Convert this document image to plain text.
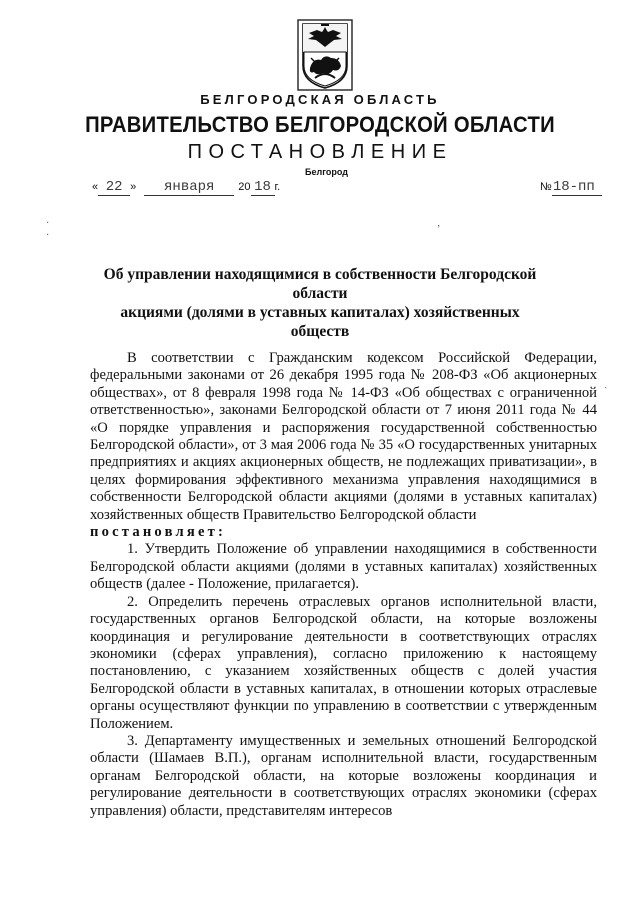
БЕЛГОРОДСКАЯ ОБЛАСТЬ
ПРАВИТЕЛЬСТВО БЕЛГОРОДСКОЙ ОБЛАСТИ
ПОСТАНОВЛЕНИЕ
Белгород
« 22 »	января	20 18 г.	№ 18-пп
·
·
ʼ
ˎ
Об управлении находящимися в собственности Белгородской области
акциями (долями в уставных капиталах) хозяйственных обществ

В соответствии с Гражданским кодексом Российской Федерации, федеральными законами от 26 декабря 1995 года № 208-ФЗ «Об акционерных обществах», от 8 февраля 1998 года № 14-ФЗ «Об обществах с ограниченной ответственностью», законами Белгородской области от 7 июня 2011 года № 44 «О порядке управления и распоряжения государственной собственностью Белгородской области», от 3 мая 2006 года № 35 «О государственных унитарных предприятиях и акциях акционерных обществ, не подлежащих приватизации», в целях формирования эффективного механизма управления находящимися в собственности Белгородской области акциями (долями в уставных капиталах) хозяйственных обществ Правительство Белгородской области

постановляет:

1. Утвердить Положение об управлении находящимися в собственности Белгородской области акциями (долями в уставных капиталах) хозяйственных обществ (далее - Положение, прилагается).

2. Определить перечень отраслевых органов исполнительной власти, государственных органов Белгородской области, на которые возложены координация и регулирование деятельности в соответствующих отраслях экономики (сферах управления), согласно приложению к настоящему постановлению, с указанием хозяйственных обществ с долей участия Белгородской области в уставных капиталах, в отношении которых отраслевые органы осуществляют функции по управлению в соответствии с утвержденным Положением.

3. Департаменту имущественных и земельных отношений Белгородской области (Шамаев В.П.), органам исполнительной власти, государственным органам Белгородской области, на которые возложены координация и регулирование деятельности в соответствующих отраслях экономики (сферах управления) области, представителям интересов
